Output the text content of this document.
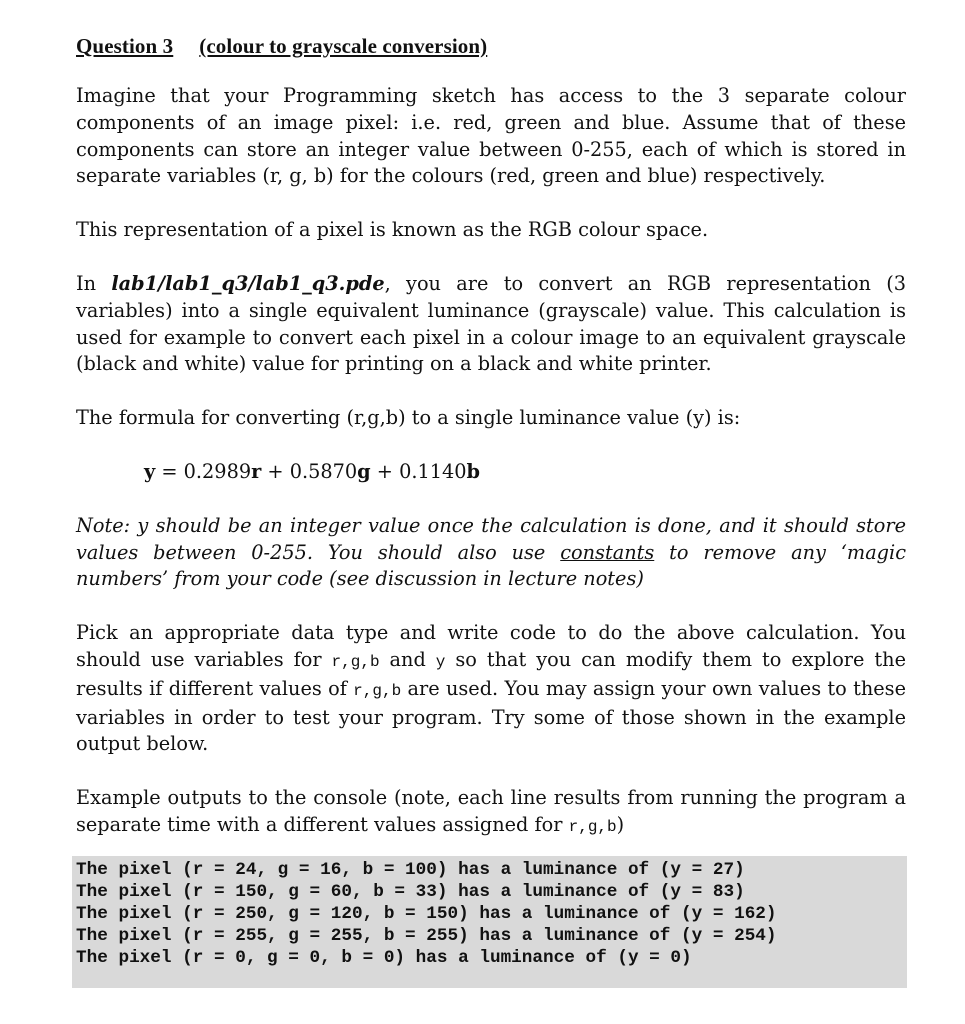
Question 3 (colour to grayscale conversion)

Imagine that your Programming sketch has access to the 3 separate colour components of an image pixel: i.e. red, green and blue. Assume that of these components can store an integer value between 0-255, each of which is stored in separate variables (r, g, b) for the colours (red, green and blue) respectively.

This representation of a pixel is known as the RGB colour space.

In lab1/lab1_q3/lab1_q3.pde, you are to convert an RGB representation (3 variables) into a single equivalent luminance (grayscale) value. This calculation is used for example to convert each pixel in a colour image to an equivalent grayscale (black and white) value for printing on a black and white printer.

The formula for converting (r,g,b) to a single luminance value (y) is:

y = 0.2989r + 0.5870g + 0.1140b

Note: y should be an integer value once the calculation is done, and it should store values between 0-255. You should also use constants to remove any ‘magic numbers’ from your code (see discussion in lecture notes)

Pick an appropriate data type and write code to do the above calculation. You should use variables for r,g,b and y so that you can modify them to explore the results if different values of r,g,b are used. You may assign your own values to these variables in order to test your program. Try some of those shown in the example output below.

Example outputs to the console (note, each line results from running the program a separate time with a different values assigned for r,g,b)

The pixel (r = 24, g = 16, b = 100) has a luminance of (y = 27)
The pixel (r = 150, g = 60, b = 33) has a luminance of (y = 83)
The pixel (r = 250, g = 120, b = 150) has a luminance of (y = 162)
The pixel (r = 255, g = 255, b = 255) has a luminance of (y = 254)
The pixel (r = 0, g = 0, b = 0) has a luminance of (y = 0)
